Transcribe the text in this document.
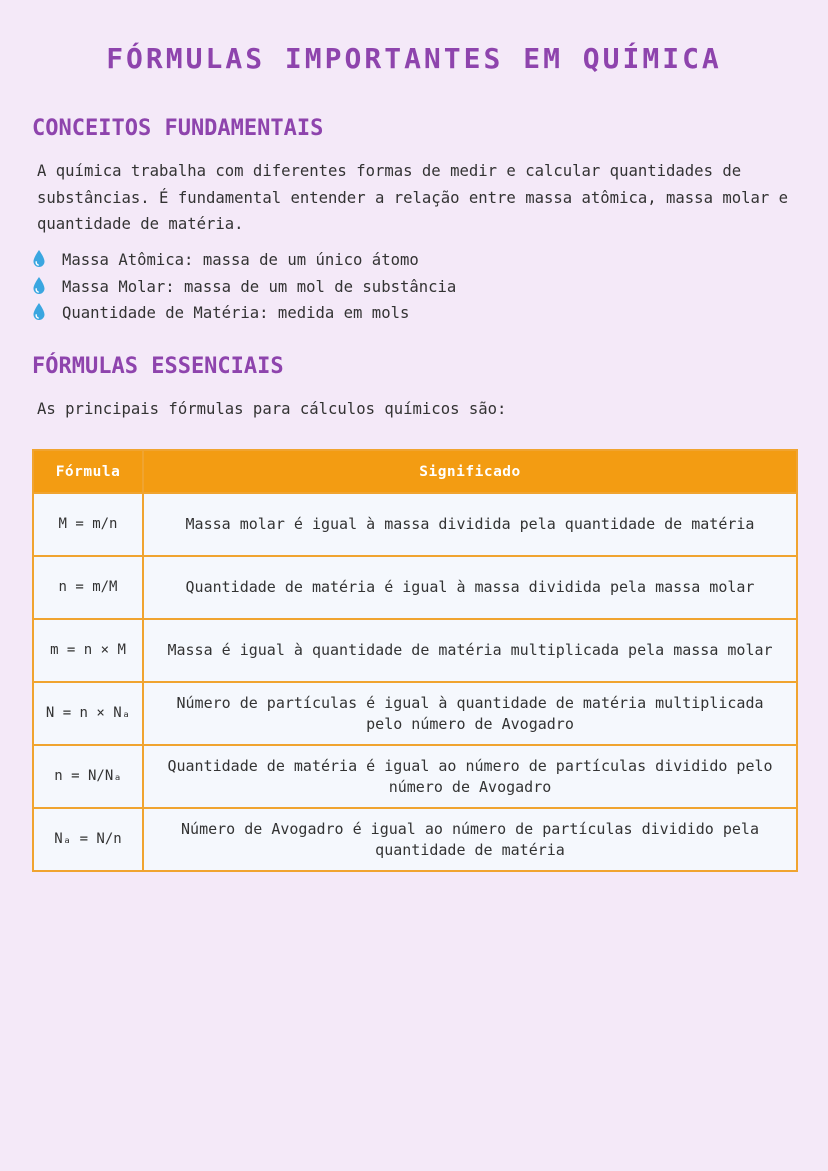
FÓRMULAS IMPORTANTES EM QUÍMICA
CONCEITOS FUNDAMENTAIS

A química trabalha com diferentes formas de medir e calcular quantidades de substâncias. É fundamental entender a relação entre massa atômica, massa molar e quantidade de matéria.

Massa Atômica: massa de um único átomo
Massa Molar: massa de um mol de substância
Quantidade de Matéria: medida em mols
FÓRMULAS ESSENCIAIS

As principais fórmulas para cálculos químicos são:

Fórmula	Significado
M = m/n	Massa molar é igual à massa dividida pela quantidade de matéria
n = m/M	Quantidade de matéria é igual à massa dividida pela massa molar
m = n × M	Massa é igual à quantidade de matéria multiplicada pela massa molar
N = n × Nₐ	Número de partículas é igual à quantidade de matéria multiplicada pelo número de Avogadro
n = N/Nₐ	Quantidade de matéria é igual ao número de partículas dividido pelo número de Avogadro
Nₐ = N/n	Número de Avogadro é igual ao número de partículas dividido pela quantidade de matéria
